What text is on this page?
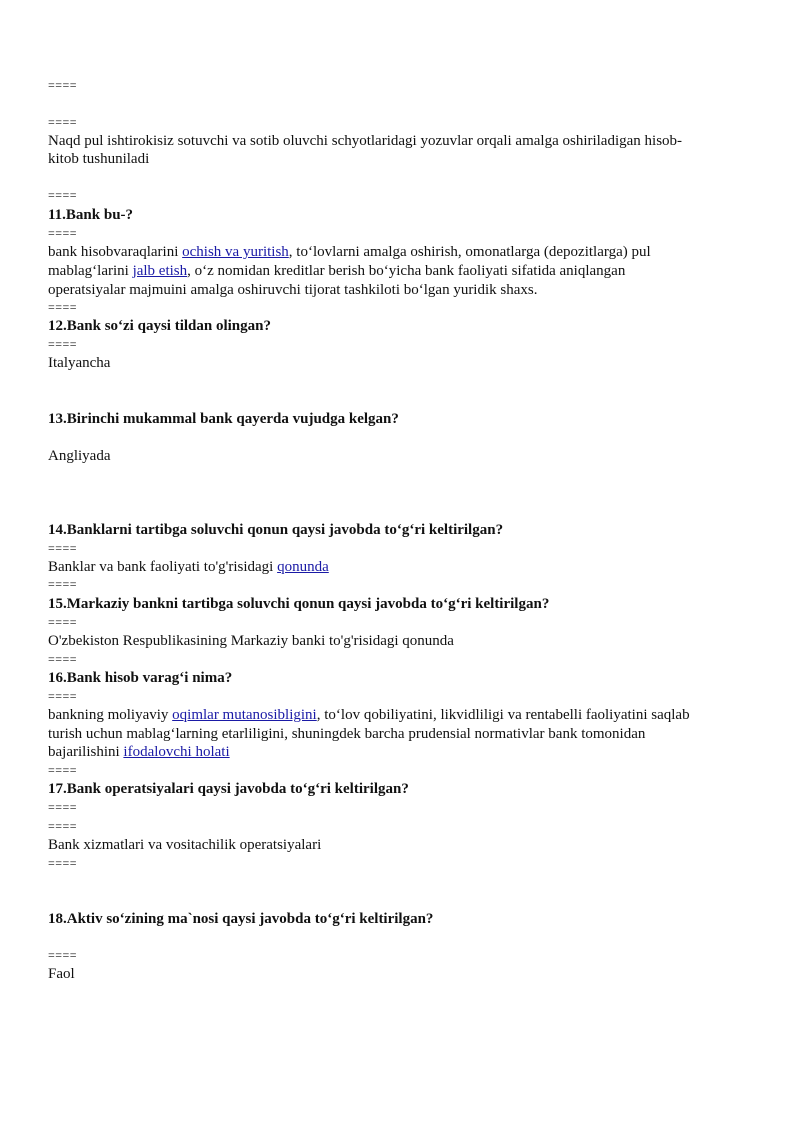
====
====
Naqd pul ishtirokisiz sotuvchi va sotib oluvchi schyotlaridagi yozuvlar orqali amalga oshiriladigan hisob-
kitob tushuniladi
====
11.Bank bu-?
====
bank hisobvaraqlarini ochish va yuritish, to‘lovlarni amalga oshirish, omonatlarga (depozitlarga) pul
mablag‘larini jalb etish, o‘z nomidan kreditlar berish bo‘yicha bank faoliyati sifatida aniqlangan
operatsiyalar majmuini amalga oshiruvchi tijorat tashkiloti bo‘lgan yuridik shaxs.
====
12.Bank so‘zi qaysi tildan olingan?
====
Italyancha
13.Birinchi mukammal bank qayerda vujudga kelgan?
Angliyada
14.Banklarni tartibga soluvchi qonun qaysi javobda to‘g‘ri keltirilgan?
====
Banklar va bank faoliyati to'g'risidagi qonunda
====
15.Markaziy bankni tartibga soluvchi qonun qaysi javobda to‘g‘ri keltirilgan?
====
O'zbekiston Respublikasining Markaziy banki to'g'risidagi qonunda
====
16.Bank hisob varag‘i nima?
====
bankning moliyaviy oqimlar mutanosibligini, to‘lov qobiliyatini, likvidliligi va rentabelli faoliyatini saqlab
turish uchun mablag‘larning etarliligini, shuningdek barcha prudensial normativlar bank tomonidan
bajarilishini ifodalovchi holati
====
17.Bank operatsiyalari qaysi javobda to‘g‘ri keltirilgan?
====
====
Bank xizmatlari va vositachilik operatsiyalari
====
18.Aktiv so‘zining ma`nosi qaysi javobda to‘g‘ri keltirilgan?
====
Faol
